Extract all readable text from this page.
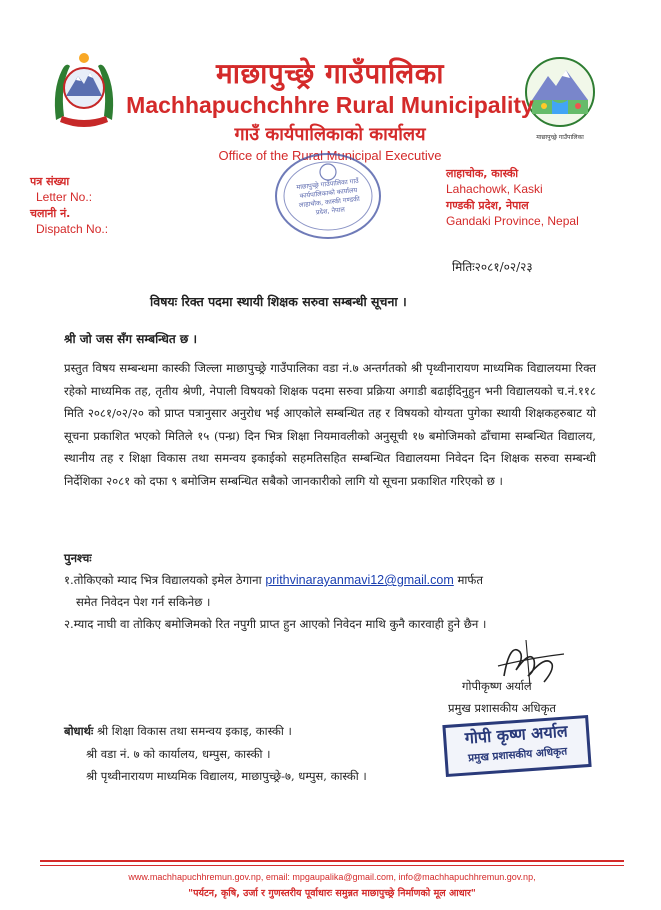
माछापुच्छ्रे गाउँपालिका
माछापुच्छ्रे गाउँपालिका
Machhapuchchhre Rural Municipality
गाउँ कार्यपालिकाको कार्यालय
Office of the Rural Municipal Executive
पत्र संख्या
Letter No.:
चलानी नं.
Dispatch No.:
लाहाचोक, कास्की
Lahachowk, Kaski
गण्डकी प्रदेश, नेपाल
Gandaki Province, Nepal
माछापुच्छ्रे गाउँपालिका गाउँ कार्यपालिकाको कार्यालय लाहाचोक, कास्की गण्डकी प्रदेश, नेपाल
मितिः२०८१/०२/२३
विषयः रिक्त पदमा स्थायी शिक्षक सरुवा सम्बन्धी सूचना ।
श्री जो जस सँग सम्बन्धित छ ।
प्रस्तुत विषय सम्बन्धमा कास्की जिल्ला माछापुच्छ्रे गाउँपालिका वडा नं.७ अन्तर्गतको श्री पृथ्वीनारायण माध्यमिक विद्यालयमा रिक्त रहेको माध्यमिक तह, तृतीय श्रेणी, नेपाली विषयको शिक्षक पदमा सरुवा प्रक्रिया अगाडी बढाईदिनुहुन भनी विद्यालयको च.नं.११८ मिति २०८१/०२/२० को प्राप्त पत्रानुसार अनुरोध भई आएकोले सम्बन्धित तह र विषयको योग्यता पुगेका स्थायी शिक्षकहरुबाट यो सूचना प्रकाशित भएको मितिले १५ (पन्ध्र) दिन भित्र शिक्षा नियमावलीको अनुसूची १७ बमोजिमको ढाँचामा सम्बन्धित विद्यालय, स्थानीय तह र शिक्षा विकास तथा समन्वय इकाईको सहमतिसहित सम्बन्धित विद्यालयमा निवेदन दिन शिक्षक सरुवा सम्बन्धी निर्देशिका २०८१ को दफा ९ बमोजिम सम्बन्धित सबैको जानकारीको लागि यो सूचना प्रकाशित गरिएको छ ।
पुनश्चः
१.तोकिएको म्याद भित्र विद्यालयको इमेल ठेगाना prithvinarayanmavi12@gmail.com मार्फत
समेत निवेदन पेश गर्न सकिनेछ ।
२.म्याद नाघी वा तोकिए बमोजिमको रित नपुगी प्राप्त हुन आएको निवेदन माथि कुनै कारवाही हुने छैन ।
गोपीकृष्ण अर्याल
प्रमुख प्रशासकीय अधिकृत
गोपी कृष्ण अर्याल
प्रमुख प्रशासकीय अधिकृत
बोधार्थः श्री शिक्षा विकास तथा समन्वय इकाइ, कास्की ।
श्री वडा नं. ७ को कार्यालय, धम्पुस, कास्की ।
श्री पृथ्वीनारायण माध्यमिक विद्यालय, माछापुच्छ्रे-७, धम्पुस, कास्की ।
www.machhapuchhremun.gov.np, email: mpgaupalika@gmail.com, info@machhapuchhremun.gov.np,
"पर्यटन, कृषि, उर्जा र गुणस्तरीय पूर्वाधारः समुन्नत माछापुच्छ्रे निर्माणको मूल आधार"
